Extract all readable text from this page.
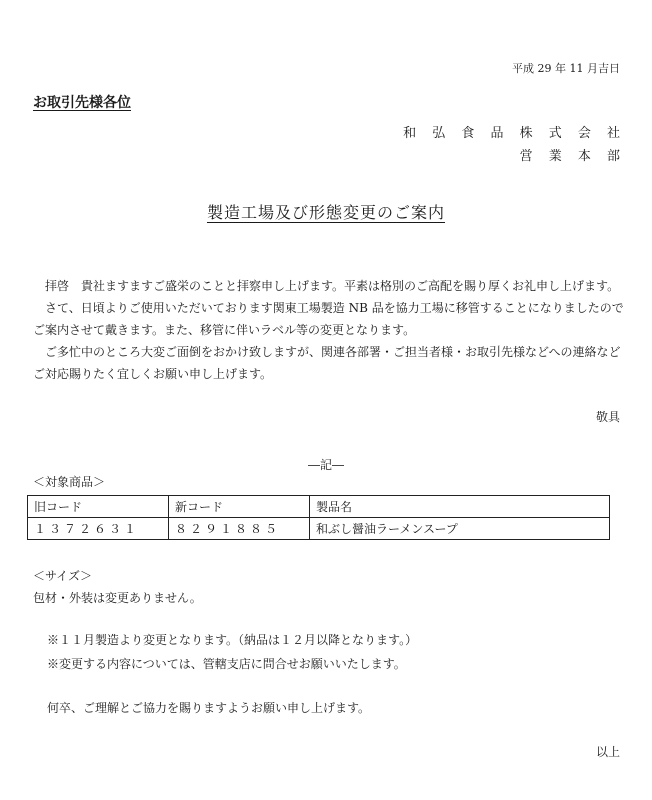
平成 29 年 11 月吉日
お取引先様各位
和 弘 食 品 株 式 会 社
営 業 本 部
製造工場及び形態変更のご案内

拝啓　貴社ますますご盛栄のことと拝察申し上げます。平素は格別のご高配を賜り厚くお礼申し上げます。

さて、日頃よりご使用いただいております関東工場製造 NB 品を協力工場に移管することになりましたのでご案内させて戴きます。また、移管に伴いラベル等の変更となります。

ご多忙中のところ大変ご面倒をおかけ致しますが、関連各部署・ご担当者様・お取引先様などへの連絡などご対応賜りたく宜しくお願い申し上げます。

敬具
―記―
＜対象商品＞
旧コード	新コード	製品名
１３７２６３１	８２９１８８５	和ぶし醤油ラーメンスープ
＜サイズ＞
包材・外装は変更ありません。
※１１月製造より変更となります。（納品は１２月以降となります。）
※変更する内容については、管轄支店に問合せお願いいたします。
何卒、ご理解とご協力を賜りますようお願い申し上げます。
以上
